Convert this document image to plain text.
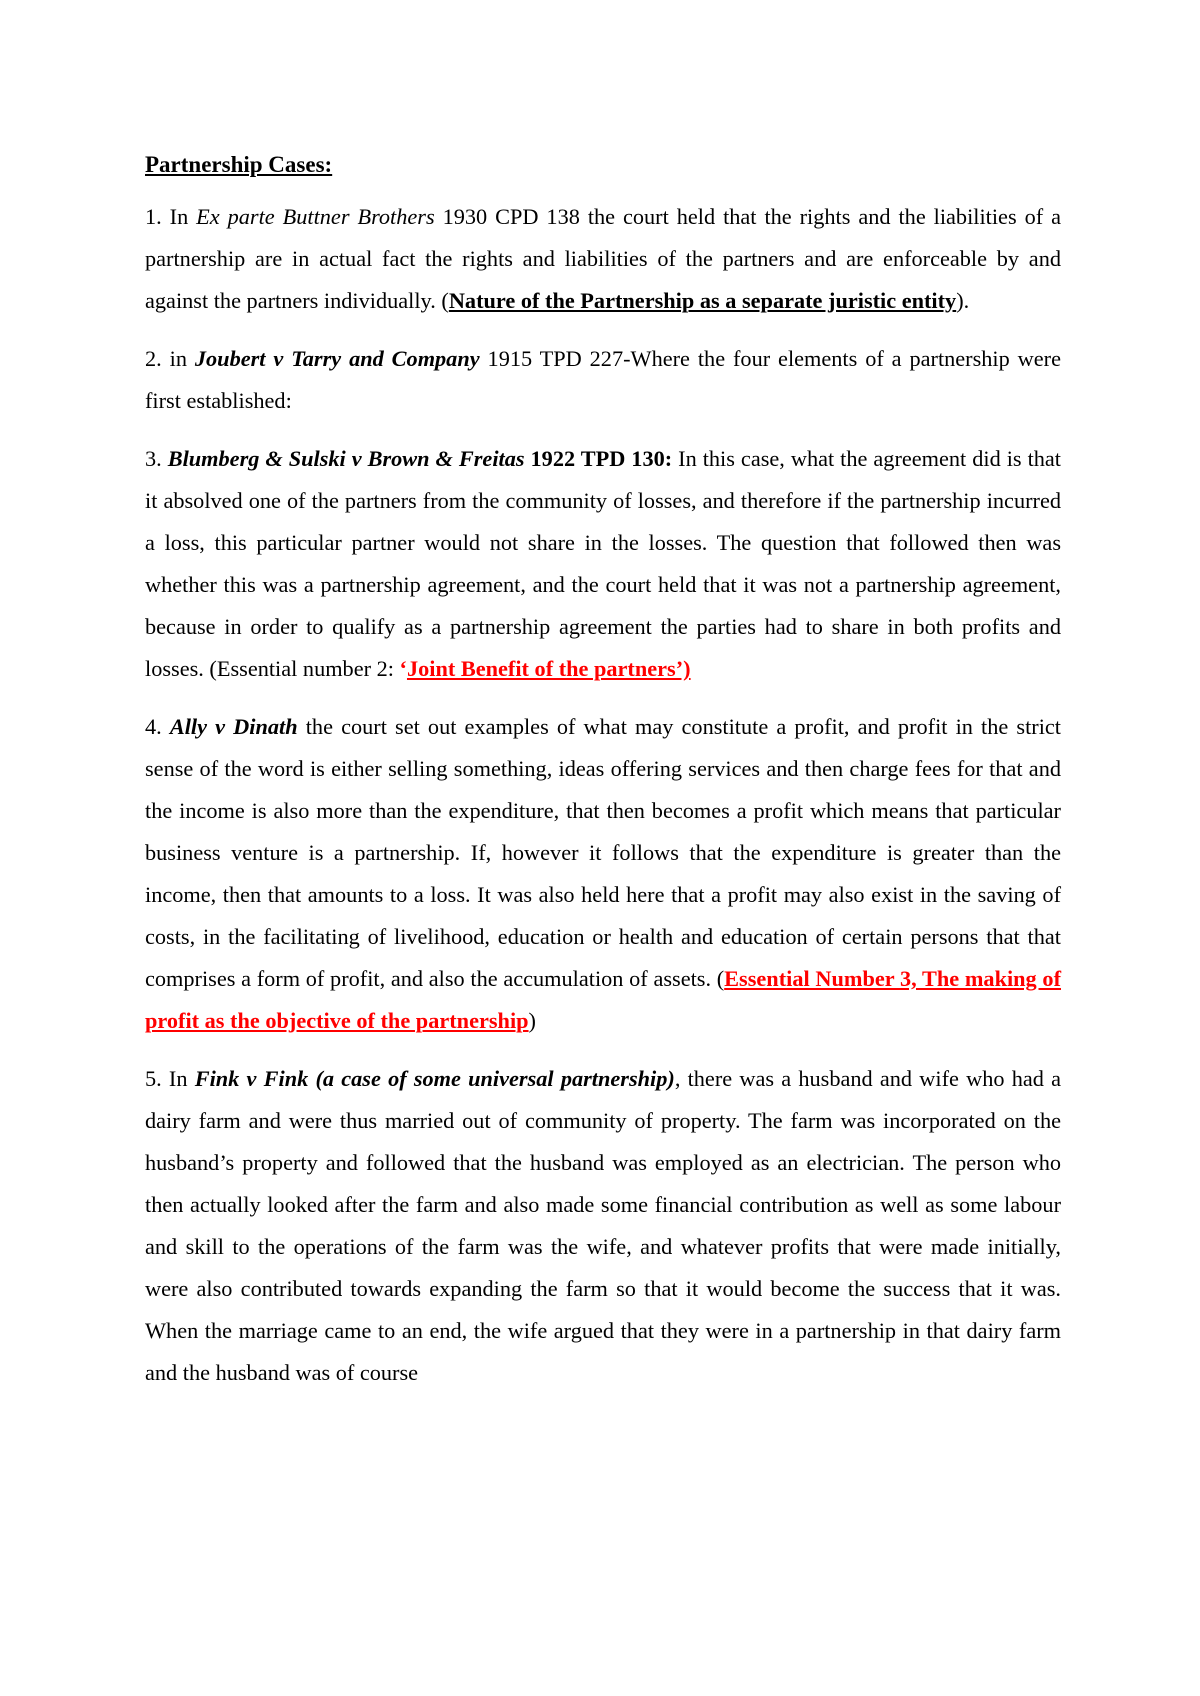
Partnership Cases:

1. In Ex parte Buttner Brothers 1930 CPD 138 the court held that the rights and the liabilities of a partnership are in actual fact the rights and liabilities of the partners and are enforceable by and against the partners individually. (Nature of the Partnership as a separate juristic entity).

2. in Joubert v Tarry and Company 1915 TPD 227-Where the four elements of a partnership were first established:

3. Blumberg & Sulski v Brown & Freitas 1922 TPD 130: In this case, what the agreement did is that it absolved one of the partners from the community of losses, and therefore if the partnership incurred a loss, this particular partner would not share in the losses. The question that followed then was whether this was a partnership agreement, and the court held that it was not a partnership agreement, because in order to qualify as a partnership agreement the parties had to share in both profits and losses. (Essential number 2: ‘Joint Benefit of the partners’)

4. Ally v Dinath the court set out examples of what may constitute a profit, and profit in the strict sense of the word is either selling something, ideas offering services and then charge fees for that and the income is also more than the expenditure, that then becomes a profit which means that particular business venture is a partnership. If, however it follows that the expenditure is greater than the income, then that amounts to a loss. It was also held here that a profit may also exist in the saving of costs, in the facilitating of livelihood, education or health and education of certain persons that that comprises a form of profit, and also the accumulation of assets. (Essential Number 3, The making of profit as the objective of the partnership)

5. In Fink v Fink (a case of some universal partnership), there was a husband and wife who had a dairy farm and were thus married out of community of property. The farm was incorporated on the husband’s property and followed that the husband was employed as an electrician. The person who then actually looked after the farm and also made some financial contribution as well as some labour and skill to the operations of the farm was the wife, and whatever profits that were made initially, were also contributed towards expanding the farm so that it would become the success that it was. When the marriage came to an end, the wife argued that they were in a partnership in that dairy farm and the husband was of course
